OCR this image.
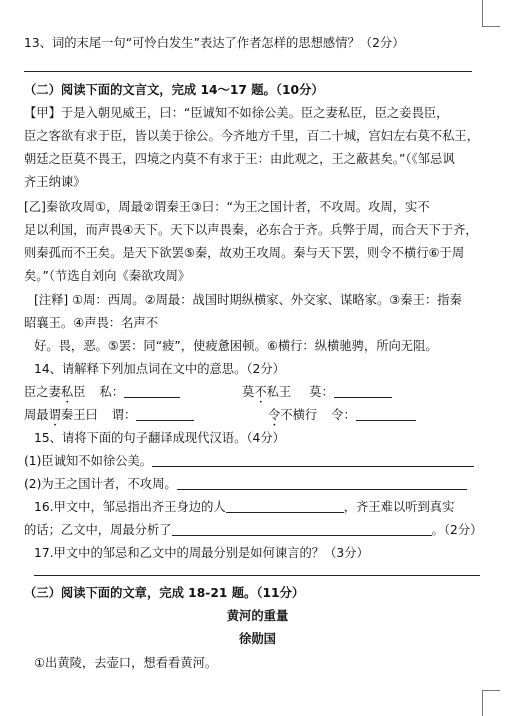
13、词的末尾一句“可怜白发生”表达了作者怎样的思想感情？（2分）
（二）阅读下面的文言文，完成 14～17 题。（10分）
【甲】于是入朝见威王，曰：“臣诚知不如徐公美。臣之妻私臣，臣之妾畏臣，
臣之客欲有求于臣，皆以美于徐公。今齐地方千里，百二十城，宫妇左右莫不私王，
朝廷之臣莫不畏王，四境之内莫不有求于王：由此观之，王之蔽甚矣。”（《邹忌讽
齐王纳谏》
[乙]秦欲攻周①，周最②谓秦王③曰：“为王之国计者，不攻周。攻周，实不
足以利国，而声畏④天下。天下以声畏秦，必东合于齐。兵弊于周，而合天下于齐，
则秦孤而不王矣。是天下欲罢⑤秦，故劝王攻周。秦与天下罢，则令不横行⑥于周
矣。”（节选自刘向《秦欲攻周》
[注释] ①周：西周。②周最：战国时期纵横家、外交家、谋略家。③秦王：指秦
昭襄王。④声畏：名声不
好。畏，恶。⑤罢：同“疲”，使疲惫困顿。⑥横行：纵横驰骋，所向无阻。
14、请解释下列加点词在文中的意思。（2分）
臣之妻私臣 私：	莫不私王 莫：
周最谓秦王曰 谓：	令不横行 令：
15、请将下面的句子翻译成现代汉语。（4分）
(1)臣诚知不如徐公美。
(2)为王之国计者，不攻周。
16.甲文中，邹忌指出齐王身边的人	，齐王难以听到真实
的话；乙文中，周最分析了	。（2分）
17.甲文中的邹忌和乙文中的周最分别是如何谏言的？（3分）
（三）阅读下面的文章，完成 18-21 题。（11分）
黄河的重量
徐勋国
①出黄陵，去壶口，想看看黄河。
